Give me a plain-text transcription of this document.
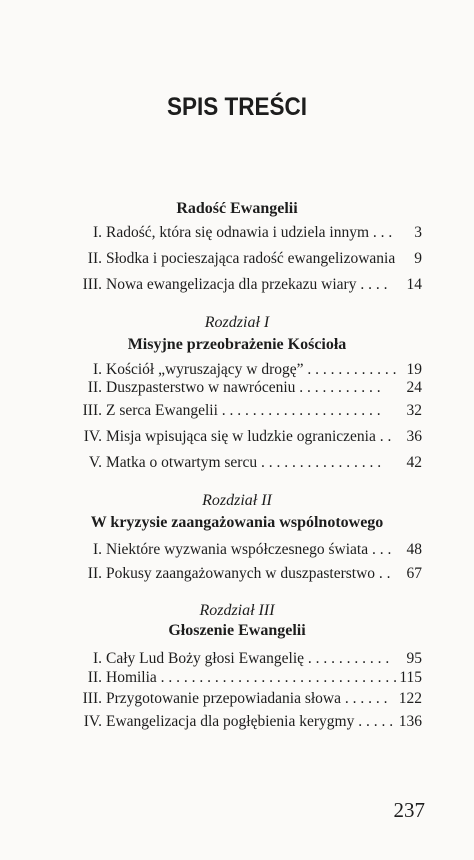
SPIS TREŚCI
Radość Ewangelii
I. Radość, która się odnawia i udziela innym . . . 3
II. Słodka i pocieszająca radość ewangelizowania 9
III. Nowa ewangelizacja dla przekazu wiary . . . . 14
Rozdział I
Misyjne przeobrażenie Kościoła
I. Kościół „wyruszający w drogę” . . . . . . . . . . . . 19
II. Duszpasterstwo w nawróceniu . . . . . . . . . . . 24
III. Z serca Ewangelii . . . . . . . . . . . . . . . . . . . . . 32
IV. Misja wpisująca się w ludzkie ograniczenia . . 36
V. Matka o otwartym sercu . . . . . . . . . . . . . . . . 42
Rozdział II
W kryzysie zaangażowania wspólnotowego
I. Niektóre wyzwania współczesnego świata . . . 48
II. Pokusy zaangażowanych w duszpasterstwo . . 67
Rozdział III
Głoszenie Ewangelii
I. Cały Lud Boży głosi Ewangelię . . . . . . . . . . . 95
II. Homilia . . . . . . . . . . . . . . . . . . . . . . . . . . . . . . . 115
III. Przygotowanie przepowiadania słowa . . . . . . 122
IV. Ewangelizacja dla pogłębienia kerygmy . . . . . 136
237
